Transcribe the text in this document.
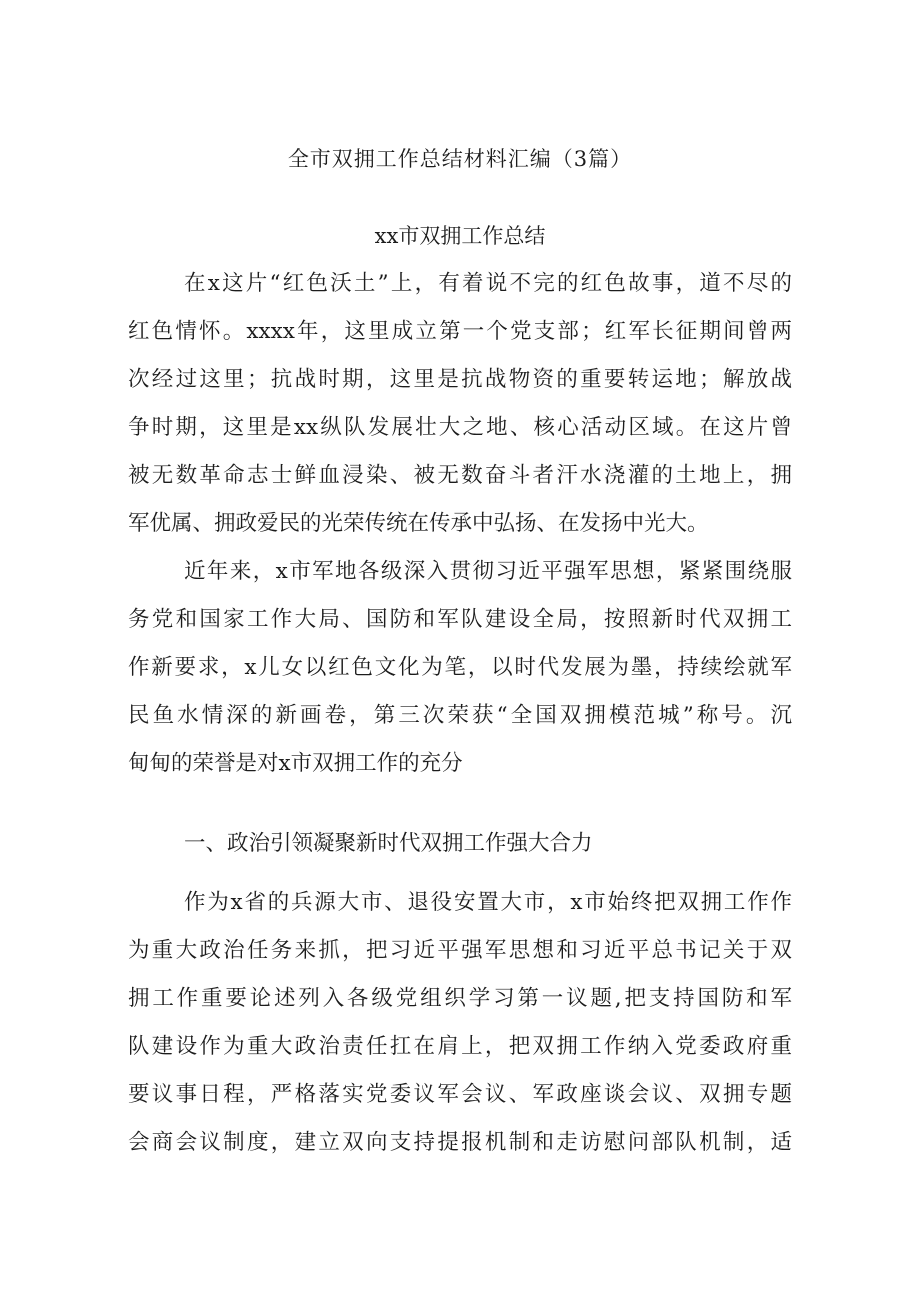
全市双拥工作总结材料汇编（3篇）
xx市双拥工作总结
在x这片“红色沃土”上，有着说不完的红色故事，道不尽的
红色情怀。xxxx年，这里成立第一个党支部；红军长征期间曾两
次经过这里；抗战时期，这里是抗战物资的重要转运地；解放战
争时期，这里是xx纵队发展壮大之地、核心活动区域。在这片曾
被无数革命志士鲜血浸染、被无数奋斗者汗水浇灌的土地上，拥
军优属、拥政爱民的光荣传统在传承中弘扬、在发扬中光大。
近年来，x市军地各级深入贯彻习近平强军思想，紧紧围绕服
务党和国家工作大局、国防和军队建设全局，按照新时代双拥工
作新要求，x儿女以红色文化为笔，以时代发展为墨，持续绘就军
民鱼水情深的新画卷，第三次荣获“全国双拥模范城”称号。沉
甸甸的荣誉是对x市双拥工作的充分
一、政治引领凝聚新时代双拥工作强大合力
作为x省的兵源大市、退役安置大市，x市始终把双拥工作作
为重大政治任务来抓，把习近平强军思想和习近平总书记关于双
拥工作重要论述列入各级党组织学习第一议题,把支持国防和军
队建设作为重大政治责任扛在肩上，把双拥工作纳入党委政府重
要议事日程，严格落实党委议军会议、军政座谈会议、双拥专题
会商会议制度，建立双向支持提报机制和走访慰问部队机制，适
